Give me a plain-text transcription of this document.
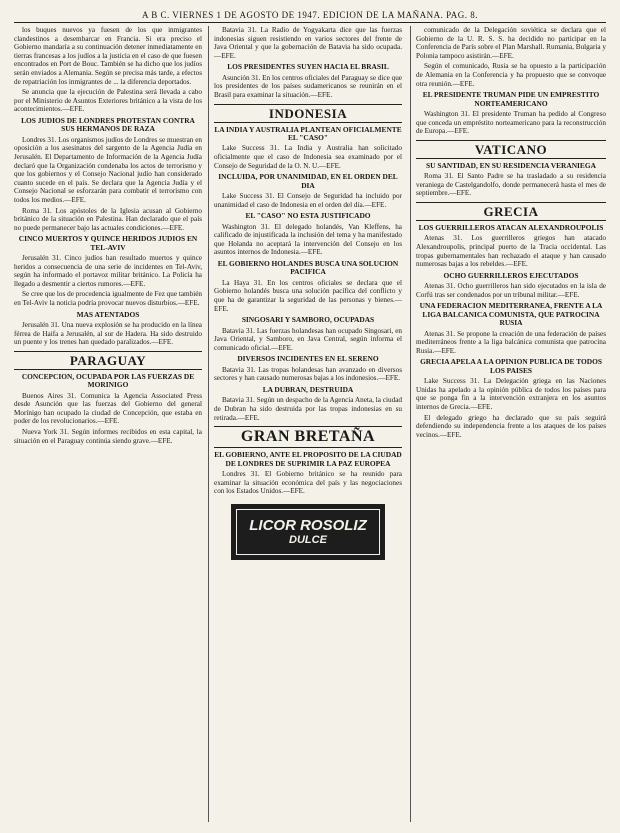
A B C. VIERNES 1 DE AGOSTO DE 1947. EDICION DE LA MAÑANA. PAG. 8.

los buques nuevos ya fuesen de los que inmigrantes clandestinos a desembarcar en Francia. Si era preciso el Gobierno mandaría a su continuación detener inmediatamente en tierras francesas a los judíos a la justicia en el caso de que fuesen encontrados en Port de Bouc. También se ha dicho que los judíos serán enviados a Alemania. Según se precisa más tarde, a efectos de repatriación los inmigrantes de ... la diferencia deportados.

Se anuncia que la ejecución de Palestina será llevada a cabo por el Ministerio de Asuntos Exteriores británico a la vista de los acontecimientos.—EFE.

LOS JUDIOS DE LONDRES PROTESTAN CONTRA SUS HERMANOS DE RAZA

Londres 31. Los organismos judíos de Londres se muestran en oposición a los asesinatos del sargento de la Agencia Judía en Jerusalén. El Departamento de Información de la Agencia Judía declaró que la Organización condenaba los actos de terrorismo y que los gobiernos y el Consejo Nacional judío han considerado cuanto sucede en el país. Se declara que la Agencia Judía y el Consejo Nacional se esforzarán para combatir el terrorismo con todos los medios.—EFE.

Roma 31. Los apóstoles de la Iglesia acusan al Gobierno británico de la situación en Palestina. Han declarado que el país no puede permanecer bajo las actuales condiciones.—EFE.

CINCO MUERTOS Y QUINCE HERIDOS JUDIOS EN TEL-AVIV

Jerusalén 31. Cinco judíos han resultado muertos y quince heridos a consecuencia de una serie de incidentes en Tel-Aviv, según ha informado el portavoz militar británico. La Policía ha llegado a desmentir a ciertos rumores.—EFE.

Se cree que los de procedencia igualmente de Fez que también en Tel-Aviv la noticia podría provocar nuevos disturbios.—EFE.

MAS ATENTADOS

Jerusalén 31. Una nueva explosión se ha producido en la línea férrea de Haifa a Jerusalén, al sur de Hadera. Ha sido destruido un puente y los trenes han quedado paralizados.—EFE.

PARAGUAY
CONCEPCION, OCUPADA POR LAS FUERZAS DE MORINIGO

Buenos Aires 31. Comunica la Agencia Associated Press desde Asunción que las fuerzas del Gobierno del general Morínigo han ocupado la ciudad de Concepción, que estaba en poder de los revolucionarios.—EFE.

Nueva York 31. Según informes recibidos en esta capital, la situación en el Paraguay continúa siendo grave.—EFE.

Batavia 31. La Radio de Yogyakarta dice que las fuerzas indonesias siguen resistiendo en varios sectores del frente de Java Oriental y que la gobernación de Batavia ha sido ocupada.—EFE.

LOS PRESIDENTES SUYEN HACIA EL BRASIL

Asunción 31. En los centros oficiales del Paraguay se dice que los presidentes de los países sudamericanos se reunirán en el Brasil para examinar la situación.—EFE.

INDONESIA
LA INDIA Y AUSTRALIA PLANTEAN OFICIALMENTE EL "CASO"

Lake Success 31. La India y Australia han solicitado oficialmente que el caso de Indonesia sea examinado por el Consejo de Seguridad de la O. N. U.—EFE.

INCLUIDA, POR UNANIMIDAD, EN EL ORDEN DEL DIA

Lake Success 31. El Consejo de Seguridad ha incluido por unanimidad el caso de Indonesia en el orden del día.—EFE.

EL "CASO" NO ESTA JUSTIFICADO

Washington 31. El delegado holandés, Van Kleffens, ha calificado de injustificada la inclusión del tema y ha manifestado que Holanda no aceptará la intervención del Consejo en los asuntos internos de Indonesia.—EFE.

EL GOBIERNO HOLANDES BUSCA UNA SOLUCION PACIFICA

La Haya 31. En los centros oficiales se declara que el Gobierno holandés busca una solución pacífica del conflicto y que ha de garantizar la seguridad de las personas y bienes.—EFE.

SINGOSARI Y SAMBORO, OCUPADAS

Batavia 31. Las fuerzas holandesas han ocupado Singosari, en Java Oriental, y Samboro, en Java Central, según informa el comunicado oficial.—EFE.

DIVERSOS INCIDENTES EN EL SERENO

Batavia 31. Las tropas holandesas han avanzado en diversos sectores y han causado numerosas bajas a los indonesios.—EFE.

LA DUBRAN, DESTRUIDA

Batavia 31. Según un despacho de la Agencia Aneta, la ciudad de Dubran ha sido destruida por las tropas indonesias en su retirada.—EFE.

GRAN BRETAÑA
EL GOBIERNO, ANTE EL PROPOSITO DE LA CIUDAD DE LONDRES DE SUPRIMIR LA PAZ EUROPEA

Londres 31. El Gobierno británico se ha reunido para examinar la situación económica del país y las negociaciones con los Estados Unidos.—EFE.

LICOR ROSOLIZ
DULCE

comunicado de la Delegación soviética se declara que el Gobierno de la U. R. S. S. ha decidido no participar en la Conferencia de París sobre el Plan Marshall. Rumania, Bulgaria y Polonia tampoco asistirán.—EFE.

Según el comunicado, Rusia se ha opuesto a la participación de Alemania en la Conferencia y ha propuesto que se convoque otra reunión.—EFE.

EL PRESIDENTE TRUMAN PIDE UN EMPRESTITO NORTEAMERICANO

Washington 31. El presidente Truman ha pedido al Congreso que conceda un empréstito norteamericano para la reconstrucción de Europa.—EFE.

VATICANO
SU SANTIDAD, EN SU RESIDENCIA VERANIEGA

Roma 31. El Santo Padre se ha trasladado a su residencia veraniega de Castelgandolfo, donde permanecerá hasta el mes de septiembre.—EFE.

GRECIA
LOS GUERRILLEROS ATACAN ALEXANDROUPOLIS

Atenas 31. Los guerrilleros griegos han atacado Alexandroupolis, principal puerto de la Tracia occidental. Las tropas gubernamentales han rechazado el ataque y han causado numerosas bajas a los rebeldes.—EFE.

OCHO GUERRILLEROS EJECUTADOS

Atenas 31. Ocho guerrilleros han sido ejecutados en la isla de Corfú tras ser condenados por un tribunal militar.—EFE.

UNA FEDERACION MEDITERRANEA, FRENTE A LA LIGA BALCANICA COMUNISTA, QUE PATROCINA RUSIA

Atenas 31. Se propone la creación de una federación de países mediterráneos frente a la liga balcánica comunista que patrocina Rusia.—EFE.

GRECIA APELA A LA OPINION PUBLICA DE TODOS LOS PAISES

Lake Success 31. La Delegación griega en las Naciones Unidas ha apelado a la opinión pública de todos los países para que se ponga fin a la intervención extranjera en los asuntos internos de Grecia.—EFE.

El delegado griego ha declarado que su país seguirá defendiendo su independencia frente a los ataques de los países vecinos.—EFE.
